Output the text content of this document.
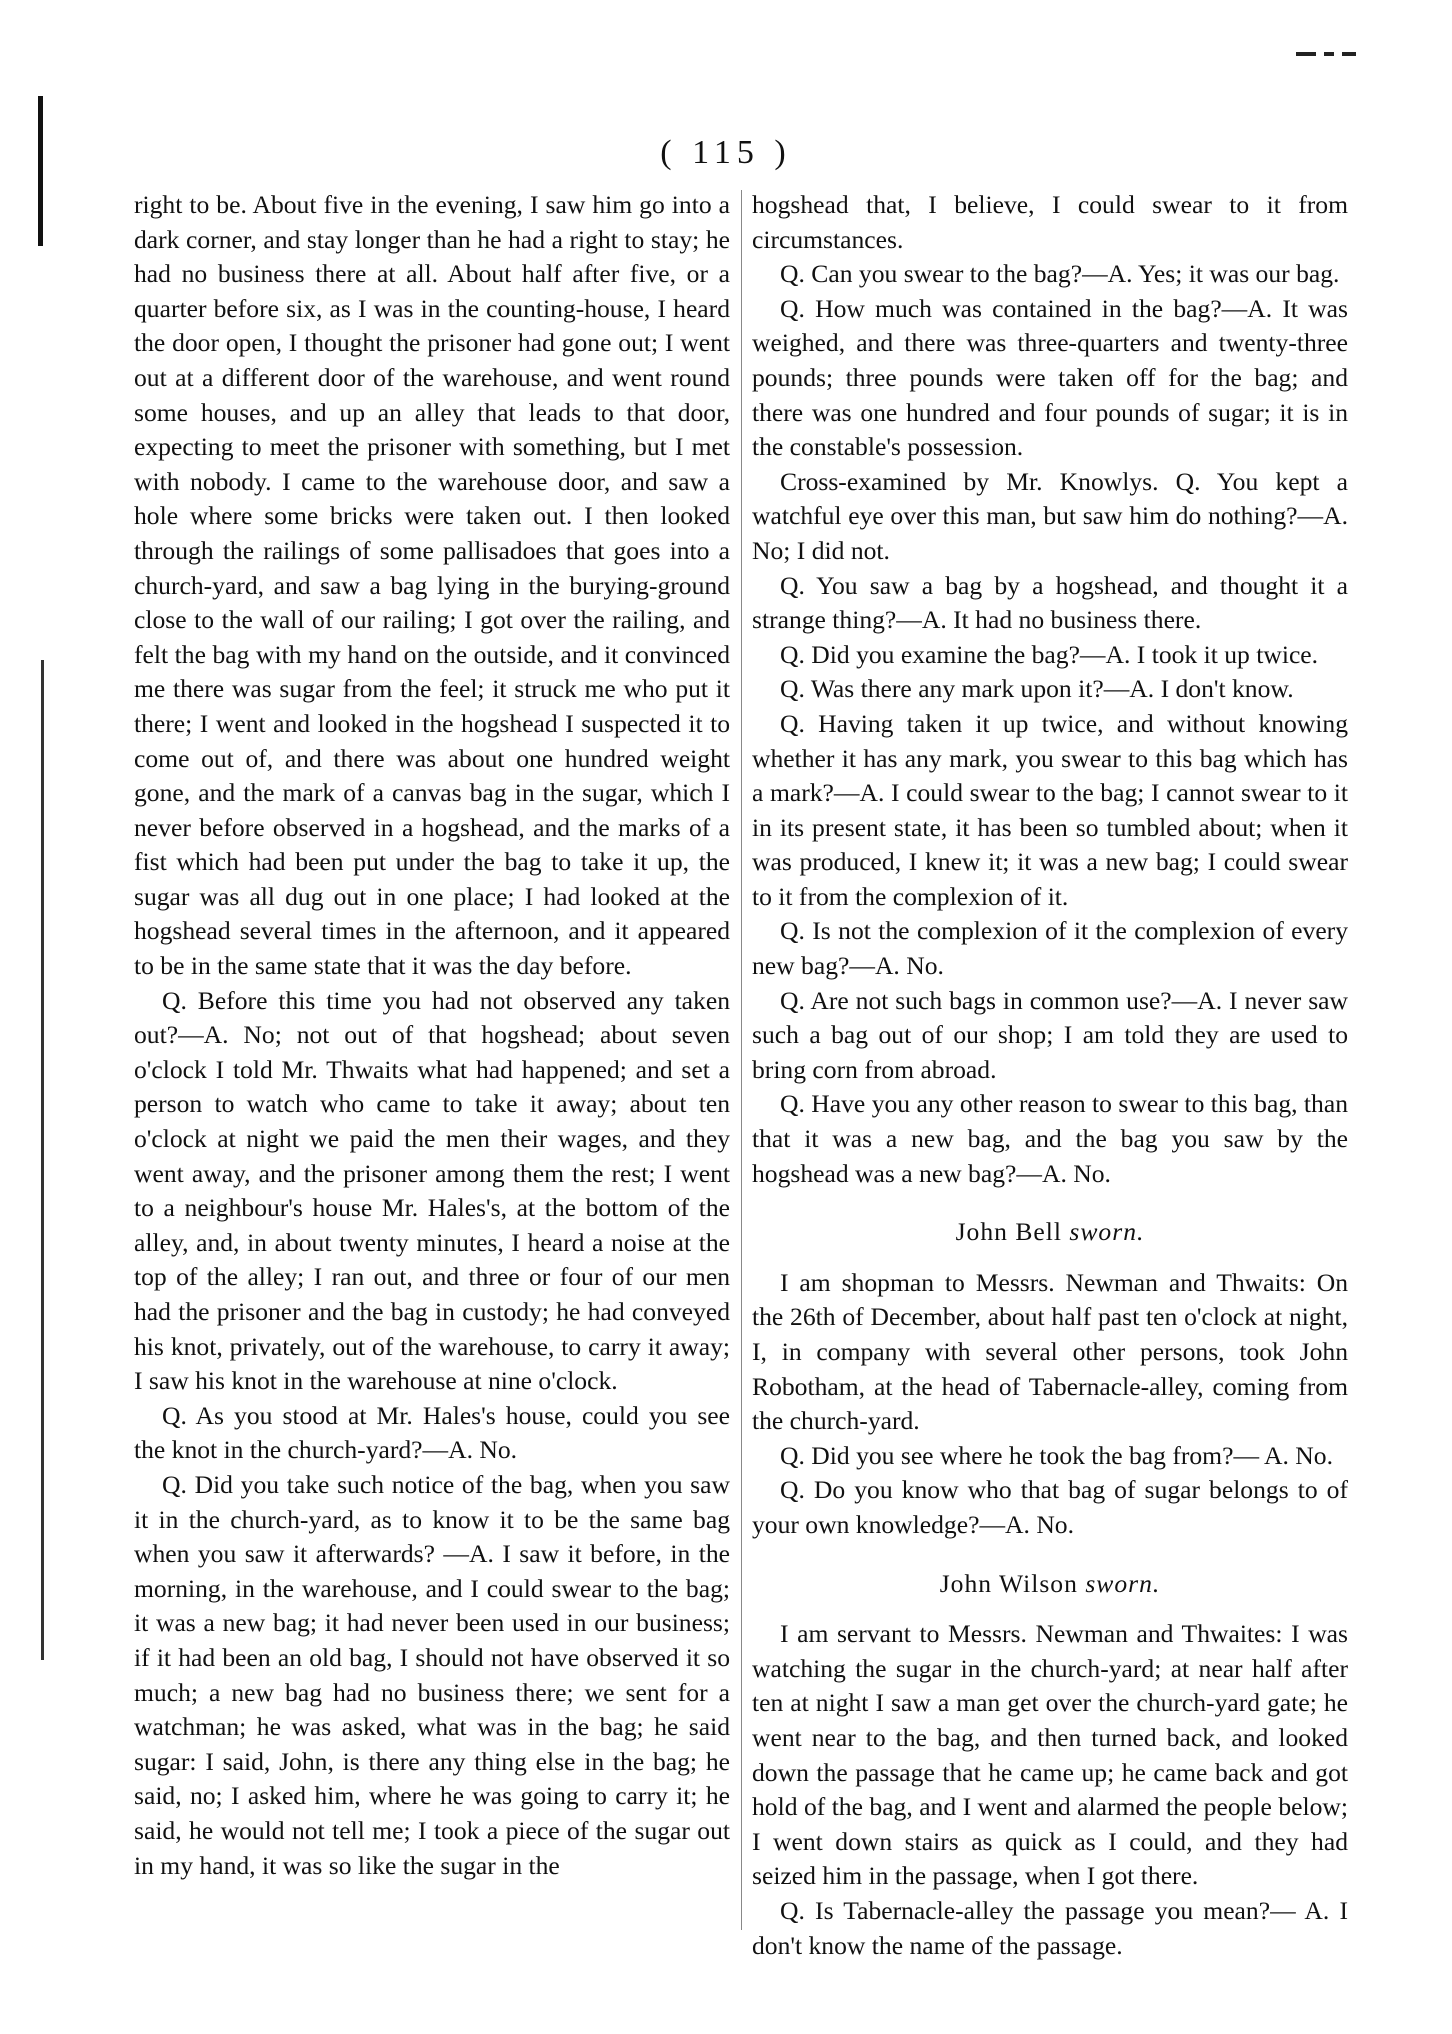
( 115 )

right to be. About five in the evening, I saw him go into a dark corner, and stay longer than he had a right to stay; he had no business there at all. About half after five, or a quarter before six, as I was in the counting-house, I heard the door open, I thought the prisoner had gone out; I went out at a different door of the warehouse, and went round some houses, and up an alley that leads to that door, expecting to meet the prisoner with something, but I met with nobody. I came to the warehouse door, and saw a hole where some bricks were taken out. I then looked through the railings of some pallisadoes that goes into a church-yard, and saw a bag lying in the burying-ground close to the wall of our railing; I got over the railing, and felt the bag with my hand on the outside, and it convinced me there was sugar from the feel; it struck me who put it there; I went and looked in the hogshead I suspected it to come out of, and there was about one hundred weight gone, and the mark of a canvas bag in the sugar, which I never before observed in a hogshead, and the marks of a fist which had been put under the bag to take it up, the sugar was all dug out in one place; I had looked at the hogshead several times in the afternoon, and it appeared to be in the same state that it was the day before.

Q. Before this time you had not observed any taken out?—A. No; not out of that hogshead; about seven o'clock I told Mr. Thwaits what had happened; and set a person to watch who came to take it away; about ten o'clock at night we paid the men their wages, and they went away, and the prisoner among them the rest; I went to a neighbour's house Mr. Hales's, at the bottom of the alley, and, in about twenty minutes, I heard a noise at the top of the alley; I ran out, and three or four of our men had the prisoner and the bag in custody; he had conveyed his knot, privately, out of the warehouse, to carry it away; I saw his knot in the warehouse at nine o'clock.

Q. As you stood at Mr. Hales's house, could you see the knot in the church-yard?—A. No.

Q. Did you take such notice of the bag, when you saw it in the church-yard, as to know it to be the same bag when you saw it afterwards? —A. I saw it before, in the morning, in the warehouse, and I could swear to the bag; it was a new bag; it had never been used in our business; if it had been an old bag, I should not have observed it so much; a new bag had no business there; we sent for a watchman; he was asked, what was in the bag; he said sugar: I said, John, is there any thing else in the bag; he said, no; I asked him, where he was going to carry it; he said, he would not tell me; I took a piece of the sugar out in my hand, it was so like the sugar in the

hogshead that, I believe, I could swear to it from circumstances.

Q. Can you swear to the bag?—A. Yes; it was our bag.

Q. How much was contained in the bag?—A. It was weighed, and there was three-quarters and twenty-three pounds; three pounds were taken off for the bag; and there was one hundred and four pounds of sugar; it is in the constable's possession.

Cross-examined by Mr. Knowlys. Q. You kept a watchful eye over this man, but saw him do nothing?—A. No; I did not.

Q. You saw a bag by a hogshead, and thought it a strange thing?—A. It had no business there.

Q. Did you examine the bag?—A. I took it up twice.

Q. Was there any mark upon it?—A. I don't know.

Q. Having taken it up twice, and without knowing whether it has any mark, you swear to this bag which has a mark?—A. I could swear to the bag; I cannot swear to it in its present state, it has been so tumbled about; when it was produced, I knew it; it was a new bag; I could swear to it from the complexion of it.

Q. Is not the complexion of it the complexion of every new bag?—A. No.

Q. Are not such bags in common use?—A. I never saw such a bag out of our shop; I am told they are used to bring corn from abroad.

Q. Have you any other reason to swear to this bag, than that it was a new bag, and the bag you saw by the hogshead was a new bag?—A. No.

John Bell sworn.

I am shopman to Messrs. Newman and Thwaits: On the 26th of December, about half past ten o'clock at night, I, in company with several other persons, took John Robotham, at the head of Tabernacle-alley, coming from the church-yard.

Q. Did you see where he took the bag from?— A. No.

Q. Do you know who that bag of sugar belongs to of your own knowledge?—A. No.

John Wilson sworn.

I am servant to Messrs. Newman and Thwaites: I was watching the sugar in the church-yard; at near half after ten at night I saw a man get over the church-yard gate; he went near to the bag, and then turned back, and looked down the passage that he came up; he came back and got hold of the bag, and I went and alarmed the people below; I went down stairs as quick as I could, and they had seized him in the passage, when I got there.

Q. Is Tabernacle-alley the passage you mean?— A. I don't know the name of the passage.
